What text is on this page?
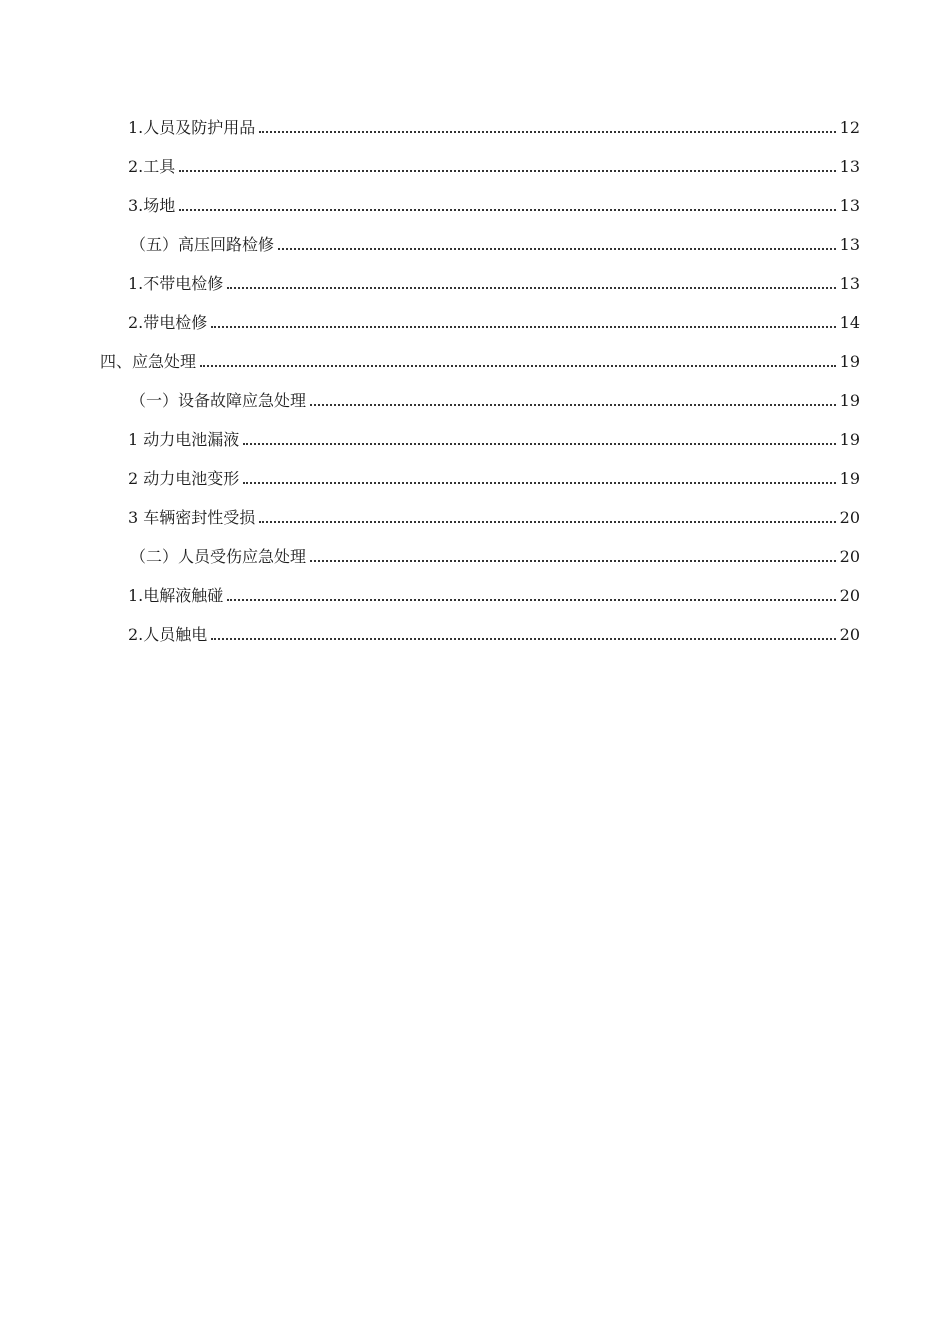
1.人员及防护用品	12
2.工具	13
3.场地	13
（五）高压回路检修	13
1.不带电检修	13
2.带电检修	14
四、应急处理	19
（一）设备故障应急处理	19
1 动力电池漏液	19
2 动力电池变形	19
3 车辆密封性受损	20
（二）人员受伤应急处理	20
1.电解液触碰	20
2.人员触电	20
